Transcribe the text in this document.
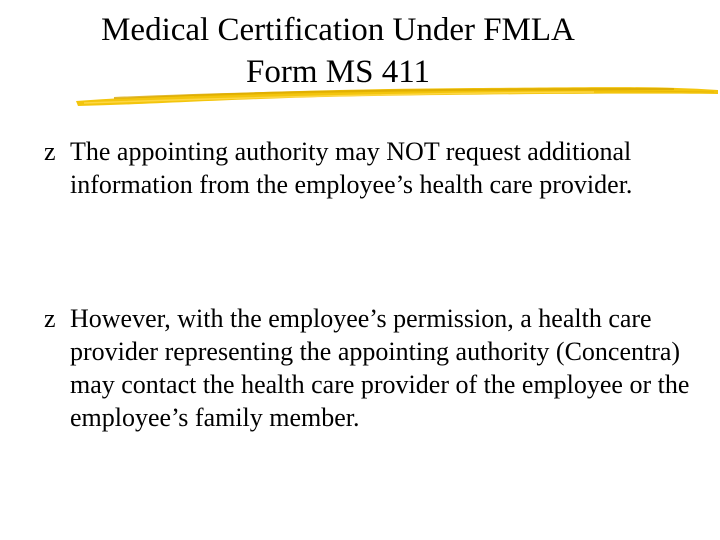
Medical Certification Under FMLA
Form MS 411
z The appointing authority may NOT request additional information from the employee’s health care provider.
z However, with the employee’s permission, a health care provider representing the appointing authority (Concentra) may contact the health care provider of the employee or the employee’s family member.
